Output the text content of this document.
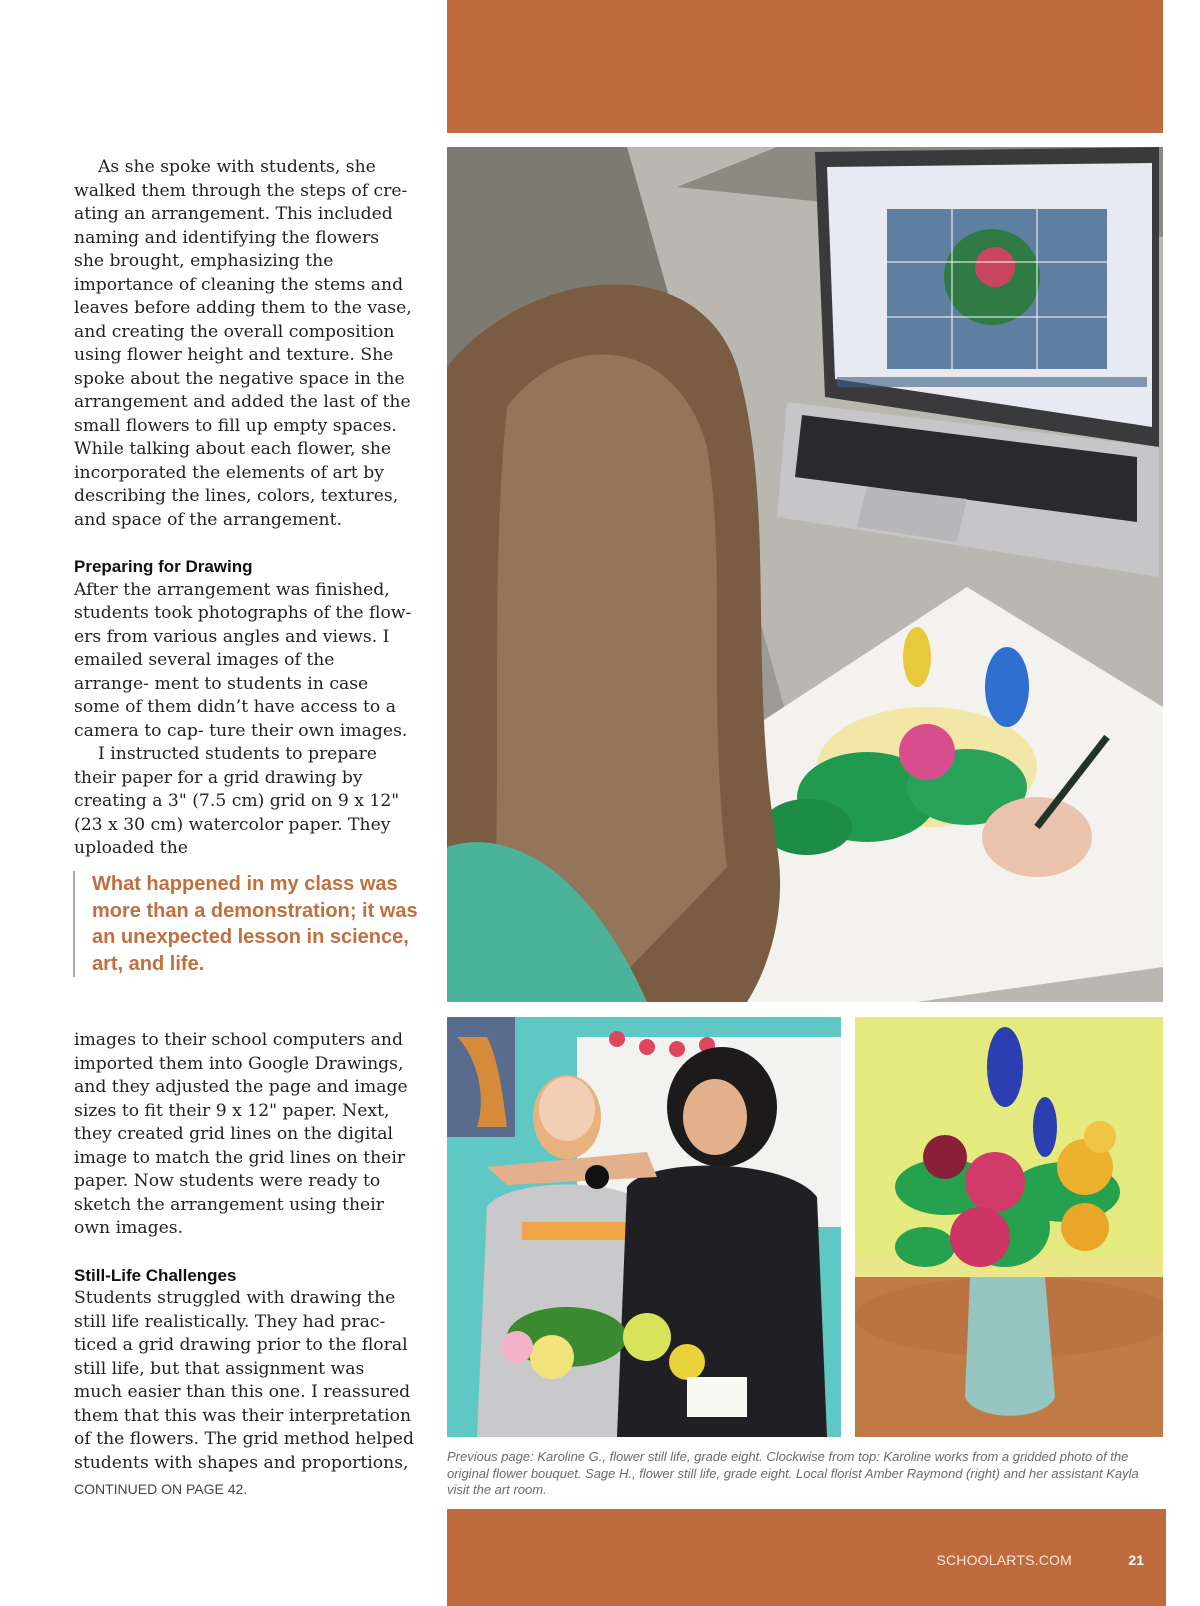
As she spoke with students, she walked them through the steps of cre- ating an arrangement. This included naming and identifying the flowers she brought, emphasizing the importance of cleaning the stems and leaves before adding them to the vase, and creating the overall composition using flower height and texture. She spoke about the negative space in the arrangement and added the last of the small flowers to fill up empty spaces. While talking about each flower, she incorporated the elements of art by describing the lines, colors, textures, and space of the arrangement.

Preparing for Drawing

After the arrangement was finished, students took photographs of the flow- ers from various angles and views. I emailed several images of the arrange- ment to students in case some of them didn’t have access to a camera to cap- ture their own images.

I instructed students to prepare their paper for a grid drawing by creating a 3" (7.5 cm) grid on 9 x 12" (23 x 30 cm) watercolor paper. They uploaded the

What happened in my class was more than a demonstration; it was an unexpected lesson in science, art, and life.

images to their school computers and imported them into Google Drawings, and they adjusted the page and image sizes to fit their 9 x 12" paper. Next, they created grid lines on the digital image to match the grid lines on their paper. Now students were ready to sketch the arrangement using their own images.

Still-Life Challenges

Students struggled with drawing the still life realistically. They had prac- ticed a grid drawing prior to the floral still life, but that assignment was much easier than this one. I reassured them that this was their interpretation of the flowers. The grid method helped students with shapes and proportions,

CONTINUED ON PAGE 42.
Previous page: Karoline G., flower still life, grade eight. Clockwise from top: Karoline works from a gridded photo of the original flower bouquet. Sage H., flower still life, grade eight. Local florist Amber Raymond (right) and her assistant Kayla visit the art room.
SCHOOLARTS.COM	21
